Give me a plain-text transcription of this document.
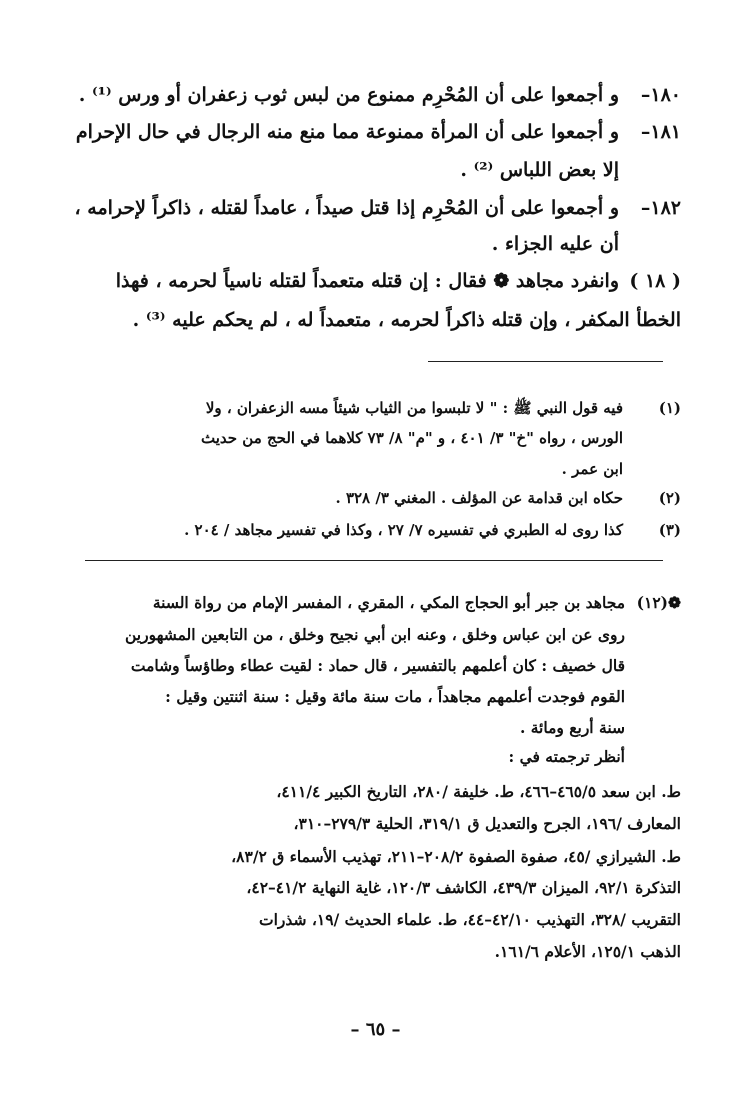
١٨٠–
و أجمعوا على أن المُحْرِم ممنوع من لبس ثوب زعفران أو ورس ⁽¹⁾ .
١٨١–
و أجمعوا على أن المرأة ممنوعة مما منع منه الرجال في حال الإحرام
إلا بعض اللباس ⁽²⁾ .
١٨٢–
و أجمعوا على أن المُحْرِم إذا قتل صيداً ، عامداً لقتله ، ذاكراً لإحرامه ،
أن عليه الجزاء .
( ١٨ )
وانفرد مجاهد ❁ فقال : إن قتله متعمداً لقتله ناسياً لحرمه ، فهذا
الخطأ المكفر ، وإن قتله ذاكراً لحرمه ، متعمداً له ، لم يحكم عليه ⁽³⁾ .
(١)
فيه قول النبي ﷺ : " لا تلبسوا من الثياب شيئاً مسه الزعفران ، ولا
الورس ، رواه "خ" ٣/ ٤٠١ ، و "م" ٨/ ٧٣ كلاهما في الحج من حديث
ابن عمر .
(٢)
حكاه ابن قدامة عن المؤلف . المغني ٣/ ٣٢٨ .
(٣)
كذا روى له الطبري في تفسيره ٧/ ٢٧ ، وكذا في تفسير مجاهد / ٢٠٤ .
❁(١٢)
مجاهد بن جبر أبو الحجاج المكي ، المقري ، المفسر الإمام من رواة السنة
روى عن ابن عباس وخلق ، وعنه ابن أبي نجيح وخلق ، من التابعين المشهورين
قال خصيف : كان أعلمهم بالتفسير ، قال حماد : لقيت عطاء وطاؤساً وشامت
القوم فوجدت أعلمهم مجاهداً ، مات سنة مائة وقيل : سنة اثنتين وقيل :
سنة أربع ومائة .
أنظر ترجمته في :
ط. ابن سعد ٤٦٥/٥–٤٦٦، ط. خليفة /٢٨٠، التاريخ الكبير ٤١١/٤،
المعارف /١٩٦، الجرح والتعديل ق ٣١٩/١، الحلية ٢٧٩/٣–٣١٠،
ط. الشيرازي /٤٥، صفوة الصفوة ٢٠٨/٢–٢١١، تهذيب الأسماء ق ٨٣/٢،
التذكرة ٩٢/١، الميزان ٤٣٩/٣، الكاشف ١٢٠/٣، غاية النهاية ٤١/٢–٤٢،
التقريب /٣٢٨، التهذيب ٤٢/١٠–٤٤، ط. علماء الحديث /١٩، شذرات
الذهب ١٢٥/١، الأعلام ١٦١/٦.
– ٦٥ –
